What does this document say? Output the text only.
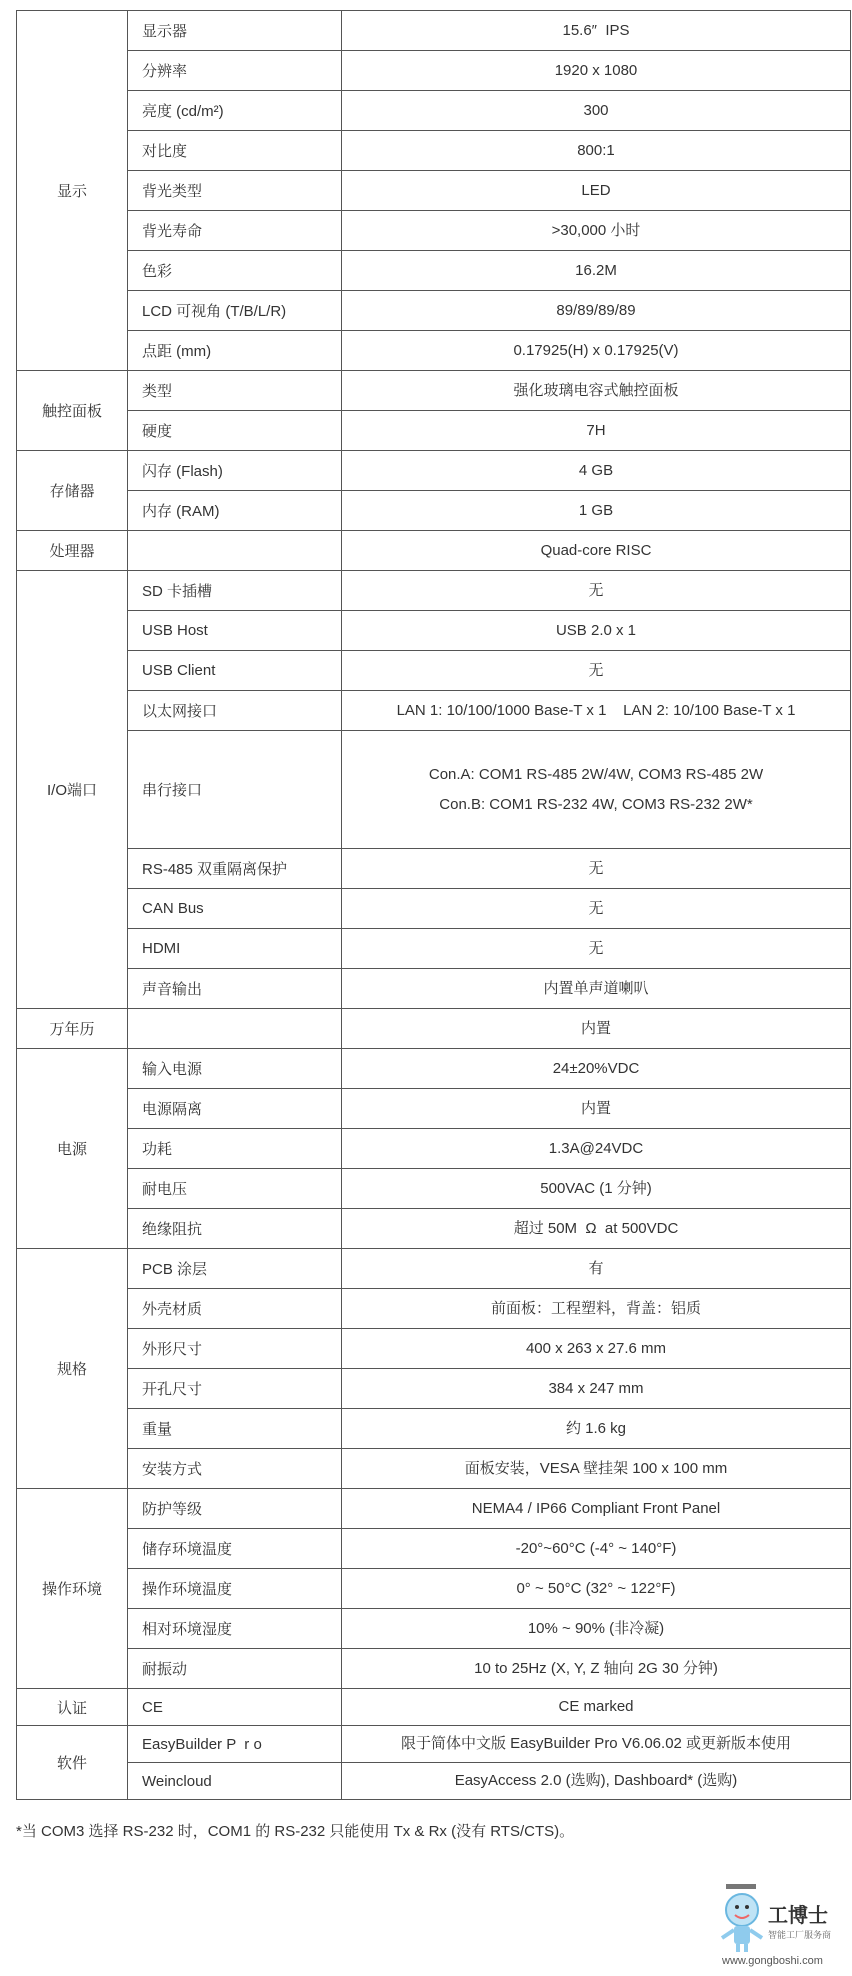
显示	显示器	15.6″  IPS

	分辨率	1920 x 1080

	亮度 (cd/m²)	300

	对比度	800:1

	背光类型	LED

	背光寿命	>30,000 小时

	色彩	16.2M

	LCD 可视角 (T/B/L/R)	89/89/89/89

	点距 (mm)	0.17925(H) x 0.17925(V)

触控面板	类型	强化玻璃电容式触控面板

	硬度	7H

存储器	闪存 (Flash)	4 GB

	内存 (RAM)	1 GB

处理器		Quad-core RISC

I/O端口	SD 卡插槽	无

	USB Host	USB 2.0 x 1

	USB Client	无

	以太网接口	LAN 1: 10/100/1000 Base-T x 1    LAN 2: 10/100 Base-T x 1

	串行接口	Con.A: COM1 RS-485 2W/4W, COM3 RS-485 2W
Con.B: COM1 RS-232 4W, COM3 RS-232 2W*

	RS-485 双重隔离保护	无

	CAN Bus	无

	HDMI	无

	声音输出	内置单声道喇叭

万年历		内置

电源	输入电源	24±20%VDC

	电源隔离	内置

	功耗	1.3A@24VDC

	耐电压	500VAC (1 分钟)

	绝缘阻抗	超过 50M  Ω  at 500VDC

规格	PCB 涂层	有

	外壳材质	前面板：工程塑料，背盖：铝质

	外形尺寸	400 x 263 x 27.6 mm

	开孔尺寸	384 x 247 mm

	重量	约 1.6 kg

	安装方式	面板安装，VESA 壁挂架 100 x 100 mm

操作环境	防护等级	NEMA4 / IP66 Compliant Front Panel

	储存环境温度	-20°~60°C (-4° ~ 140°F)

	操作环境温度	0° ~ 50°C (32° ~ 122°F)

	相对环境湿度	10% ~ 90% (非冷凝)

	耐振动	10 to 25Hz (X, Y, Z 轴向 2G 30 分钟)

认证	CE	CE marked

软件	EasyBuilder P  r o	限于简体中文版 EasyBuilder Pro V6.06.02 或更新版本使用

	Weincloud	EasyAccess 2.0 (选购), Dashboard* (选购)
*当 COM3 选择 RS-232 时，COM1 的 RS-232 只能使用 Tx & Rx (没有 RTS/CTS)。
工博士
智能工厂服务商
www.gongboshi.com
